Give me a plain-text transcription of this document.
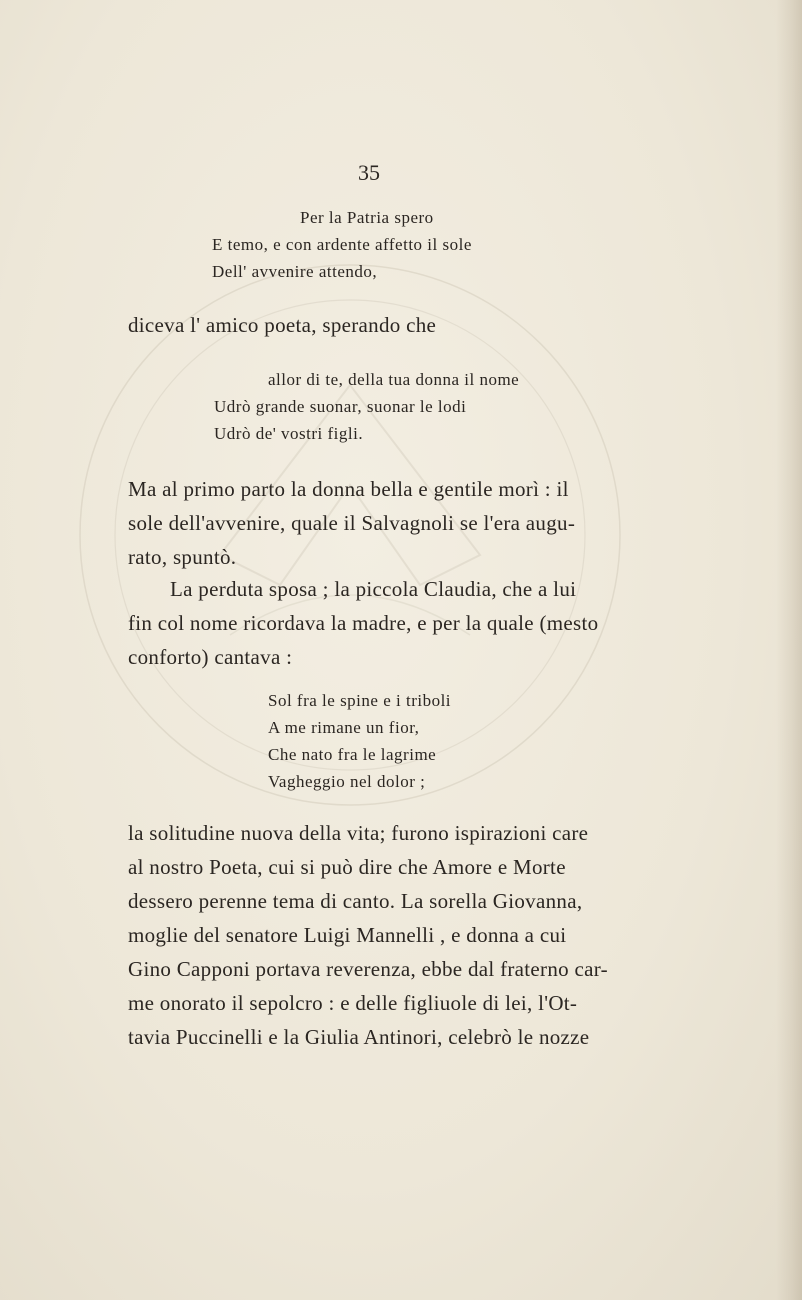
35
Per la Patria spero
E temo, e con ardente affetto il sole
Dell' avvenire attendo,
diceva l' amico poeta, sperando che
allor di te, della tua donna il nome
Udrò grande suonar, suonar le lodi
Udrò de' vostri figli.
Ma al primo parto la donna bella e gentile morì : il
sole dell'avvenire, quale il Salvagnoli se l'era augu-
rato, spuntò.
La perduta sposa ; la piccola Claudia, che a lui
fin col nome ricordava la madre, e per la quale (mesto
conforto) cantava :
Sol fra le spine e i triboli
A me rimane un fior,
Che nato fra le lagrime
Vagheggio nel dolor ;
la solitudine nuova della vita; furono ispirazioni care
al nostro Poeta, cui si può dire che Amore e Morte
dessero perenne tema di canto. La sorella Giovanna,
moglie del senatore Luigi Mannelli , e donna a cui
Gino Capponi portava reverenza, ebbe dal fraterno car-
me onorato il sepolcro : e delle figliuole di lei, l'Ot-
tavia Puccinelli e la Giulia Antinori, celebrò le nozze
